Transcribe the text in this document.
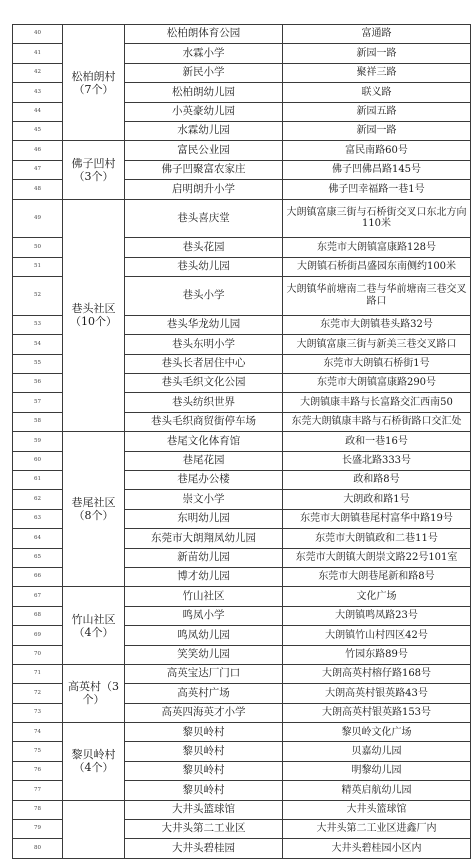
40	松柏朗村（7个）	松柏朗体育公园	富通路
41		水霖小学	新园一路
42		新民小学	聚祥三路
43		松柏朗幼儿园	联义路
44		小英豪幼儿园	新园五路
45		水霖幼儿园	新园一路
46	佛子凹村（3个）	富民公业园	富民南路60号
47		佛子凹聚富农家庄	佛子凹佛昌路145号
48		启明朗升小学	佛子凹幸福路一巷1号
49	巷头社区（10个）	巷头喜庆堂	大朗镇富康三街与石桥街交叉口东北方向110米
50		巷头花园	东莞市大朗镇富康路128号
51		巷头幼儿园	大朗镇石桥街昌盛园东南侧约100米
52		巷头小学	大朗镇华前塘南二巷与华前塘南三巷交叉路口
53		巷头华龙幼儿园	东莞市大朗镇巷头路32号
54		巷头东明小学	大朗镇富康三街与新美三巷交叉路口
55		巷头长者居住中心	东莞市大朗镇石桥街1号
56		巷头毛织文化公园	东莞市大朗镇富康路290号
57		巷头纺织世界	大朗镇康丰路与长富路交汇西南50
58		巷头毛织商贸街停车场	东莞大朗镇康丰路与石桥街路口交汇处
59	巷尾社区（8个）	巷尾文化体育馆	政和一巷16号
60		巷尾花园	长盛北路333号
61		巷尾办公楼	政和路8号
62		崇文小学	大朗政和路1号
63		东明幼儿园	东莞市大朗镇巷尾村富华中路19号
64		东莞市大朗翔凤幼儿园	东莞市大朗镇政和二巷11号
65		新苗幼儿园	东莞市大朗镇大朗崇文路22号101室
66		博才幼儿园	东莞市大朗巷尾新和路8号
67	竹山社区（4个）	竹山社区	文化广场
68		鸣凤小学	大朗镇鸣凤路23号
69		鸣凤幼儿园	大朗镇竹山村四区42号
70		笑笑幼儿园	竹园东路89号
71	高英村（3个）	高英宝达厂门口	大朗高英村榕仔路168号
72		高英村广场	大朗高英村银英路43号
73		高英四海英才小学	大朗高英村银英路153号
74	黎贝岭村（4个）	黎贝岭村	黎贝岭文化广场
75		黎贝岭村	贝嘉幼儿园
76		黎贝岭村	明黎幼儿园
77		黎贝岭村	精英启航幼儿园
78		大井头篮球馆	大井头篮球馆
79		大井头第二工业区	大井头第二工业区进鑫厂内
80		大井头碧桂园	大井头碧桂园小区内
